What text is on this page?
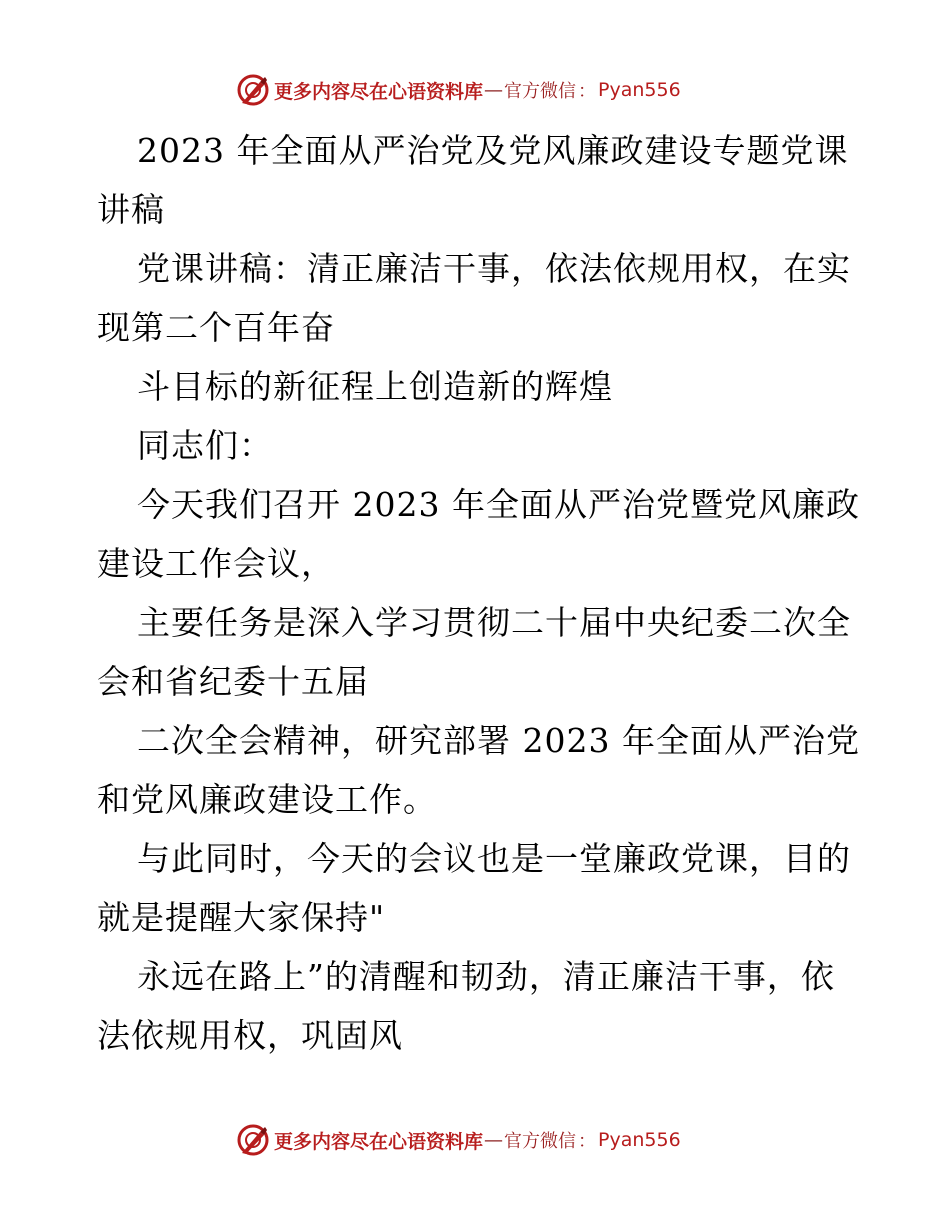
更多内容尽在心语资料库 — 官方微信 ： Pyan556
2023 年全面从严治党及党风廉政建设专题党课
讲稿
党课讲稿：清正廉洁干事，依法依规用权，在实
现第二个百年奋
斗目标的新征程上创造新的辉煌
同志们：
今天我们召开 2023 年全面从严治党暨党风廉政
建设工作会议，
主要任务是深入学习贯彻二十届中央纪委二次全
会和省纪委十五届
二次全会精神，研究部署 2023 年全面从严治党
和党风廉政建设工作。
与此同时，今天的会议也是一堂廉政党课，目的
就是提醒大家保持"
永远在路上”的清醒和韧劲，清正廉洁干事，依
法依规用权，巩固风
更多内容尽在心语资料库 — 官方微信 ： Pyan556
